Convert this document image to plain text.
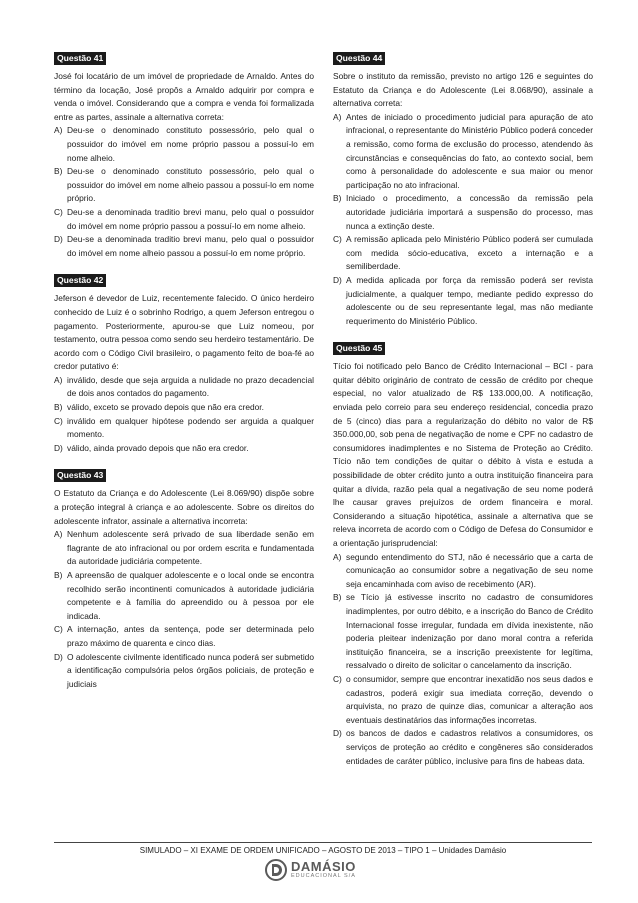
Questão 41

José foi locatário de um imóvel de propriedade de Arnaldo. Antes do término da locação, José propôs a Arnaldo adquirir por compra e venda o imóvel. Considerando que a compra e venda foi formalizada entre as partes, assinale a alternativa correta:

A) Deu-se o denominado constituto possessório, pelo qual o possuidor do imóvel em nome próprio passou a possuí-lo em nome alheio.
B) Deu-se o denominado constituto possessório, pelo qual o possuidor do imóvel em nome alheio passou a possuí-lo em nome próprio.
C) Deu-se a denominada traditio brevi manu, pelo qual o possuidor do imóvel em nome próprio passou a possuí-lo em nome alheio.
D) Deu-se a denominada traditio brevi manu, pelo qual o possuidor do imóvel em nome alheio passou a possuí-lo em nome próprio.
Questão 42

Jeferson é devedor de Luiz, recentemente falecido. O único herdeiro conhecido de Luiz é o sobrinho Rodrigo, a quem Jeferson entregou o pagamento. Posteriormente, apurou-se que Luiz nomeou, por testamento, outra pessoa como sendo seu herdeiro testamentário. De acordo com o Código Civil brasileiro, o pagamento feito de boa-fé ao credor putativo é:

A) inválido, desde que seja arguida a nulidade no prazo decadencial de dois anos contados do pagamento.
B) válido, exceto se provado depois que não era credor.
C) inválido em qualquer hipótese podendo ser arguida a qualquer momento.
D) válido, ainda provado depois que não era credor.
Questão 43

O Estatuto da Criança e do Adolescente (Lei 8.069/90) dispõe sobre a proteção integral à criança e ao adolescente. Sobre os direitos do adolescente infrator, assinale a alternativa incorreta:

A) Nenhum adolescente será privado de sua liberdade senão em flagrante de ato infracional ou por ordem escrita e fundamentada da autoridade judiciária competente.
B) A apreensão de qualquer adolescente e o local onde se encontra recolhido serão incontinenti comunicados à autoridade judiciária competente e à família do apreendido ou à pessoa por ele indicada.
C) A internação, antes da sentença, pode ser determinada pelo prazo máximo de quarenta e cinco dias.
D) O adolescente civilmente identificado nunca poderá ser submetido a identificação compulsória pelos órgãos policiais, de proteção e judiciais
Questão 44

Sobre o instituto da remissão, previsto no artigo 126 e seguintes do Estatuto da Criança e do Adolescente (Lei 8.068/90), assinale a alternativa correta:

A) Antes de iniciado o procedimento judicial para apuração de ato infracional, o representante do Ministério Público poderá conceder a remissão, como forma de exclusão do processo, atendendo às circunstâncias e consequências do fato, ao contexto social, bem como à personalidade do adolescente e sua maior ou menor participação no ato infracional.
B) Iniciado o procedimento, a concessão da remissão pela autoridade judiciária importará a suspensão do processo, mas nunca a extinção deste.
C) A remissão aplicada pelo Ministério Público poderá ser cumulada com medida sócio-educativa, exceto a internação e a semiliberdade.
D) A medida aplicada por força da remissão poderá ser revista judicialmente, a qualquer tempo, mediante pedido expresso do adolescente ou de seu representante legal, mas não mediante requerimento do Ministério Público.
Questão 45

Tício foi notificado pelo Banco de Crédito Internacional – BCI - para quitar débito originário de contrato de cessão de crédito por cheque especial, no valor atualizado de R$ 133.000,00. A notificação, enviada pelo correio para seu endereço residencial, concedia prazo de 5 (cinco) dias para a regularização do débito no valor de R$ 350.000,00, sob pena de negativação de nome e CPF no cadastro de consumidores inadimplentes e no Sistema de Proteção ao Crédito. Tício não tem condições de quitar o débito à vista e estuda a possibilidade de obter crédito junto a outra instituição financeira para quitar a dívida, razão pela qual a negativação de seu nome poderá lhe causar graves prejuízos de ordem financeira e moral. Considerando a situação hipotética, assinale a alternativa que se releva incorreta de acordo com o Código de Defesa do Consumidor e a orientação jurisprudencial:

A) segundo entendimento do STJ, não é necessário que a carta de comunicação ao consumidor sobre a negativação de seu nome seja encaminhada com aviso de recebimento (AR).
B) se Tício já estivesse inscrito no cadastro de consumidores inadimplentes, por outro débito, e a inscrição do Banco de Crédito Internacional fosse irregular, fundada em dívida inexistente, não poderia pleitear indenização por dano moral contra a referida instituição financeira, se a inscrição preexistente for legítima, ressalvado o direito de solicitar o cancelamento da inscrição.
C) o consumidor, sempre que encontrar inexatidão nos seus dados e cadastros, poderá exigir sua imediata correção, devendo o arquivista, no prazo de quinze dias, comunicar a alteração aos eventuais destinatários das informações incorretas.
D) os bancos de dados e cadastros relativos a consumidores, os serviços de proteção ao crédito e congêneres são considerados entidades de caráter público, inclusive para fins de habeas data.
SIMULADO – XI EXAME DE ORDEM UNIFICADO – AGOSTO DE 2013 – TIPO 1 – Unidades Damásio
DAMÁSIO
EDUCACIONAL S/A
